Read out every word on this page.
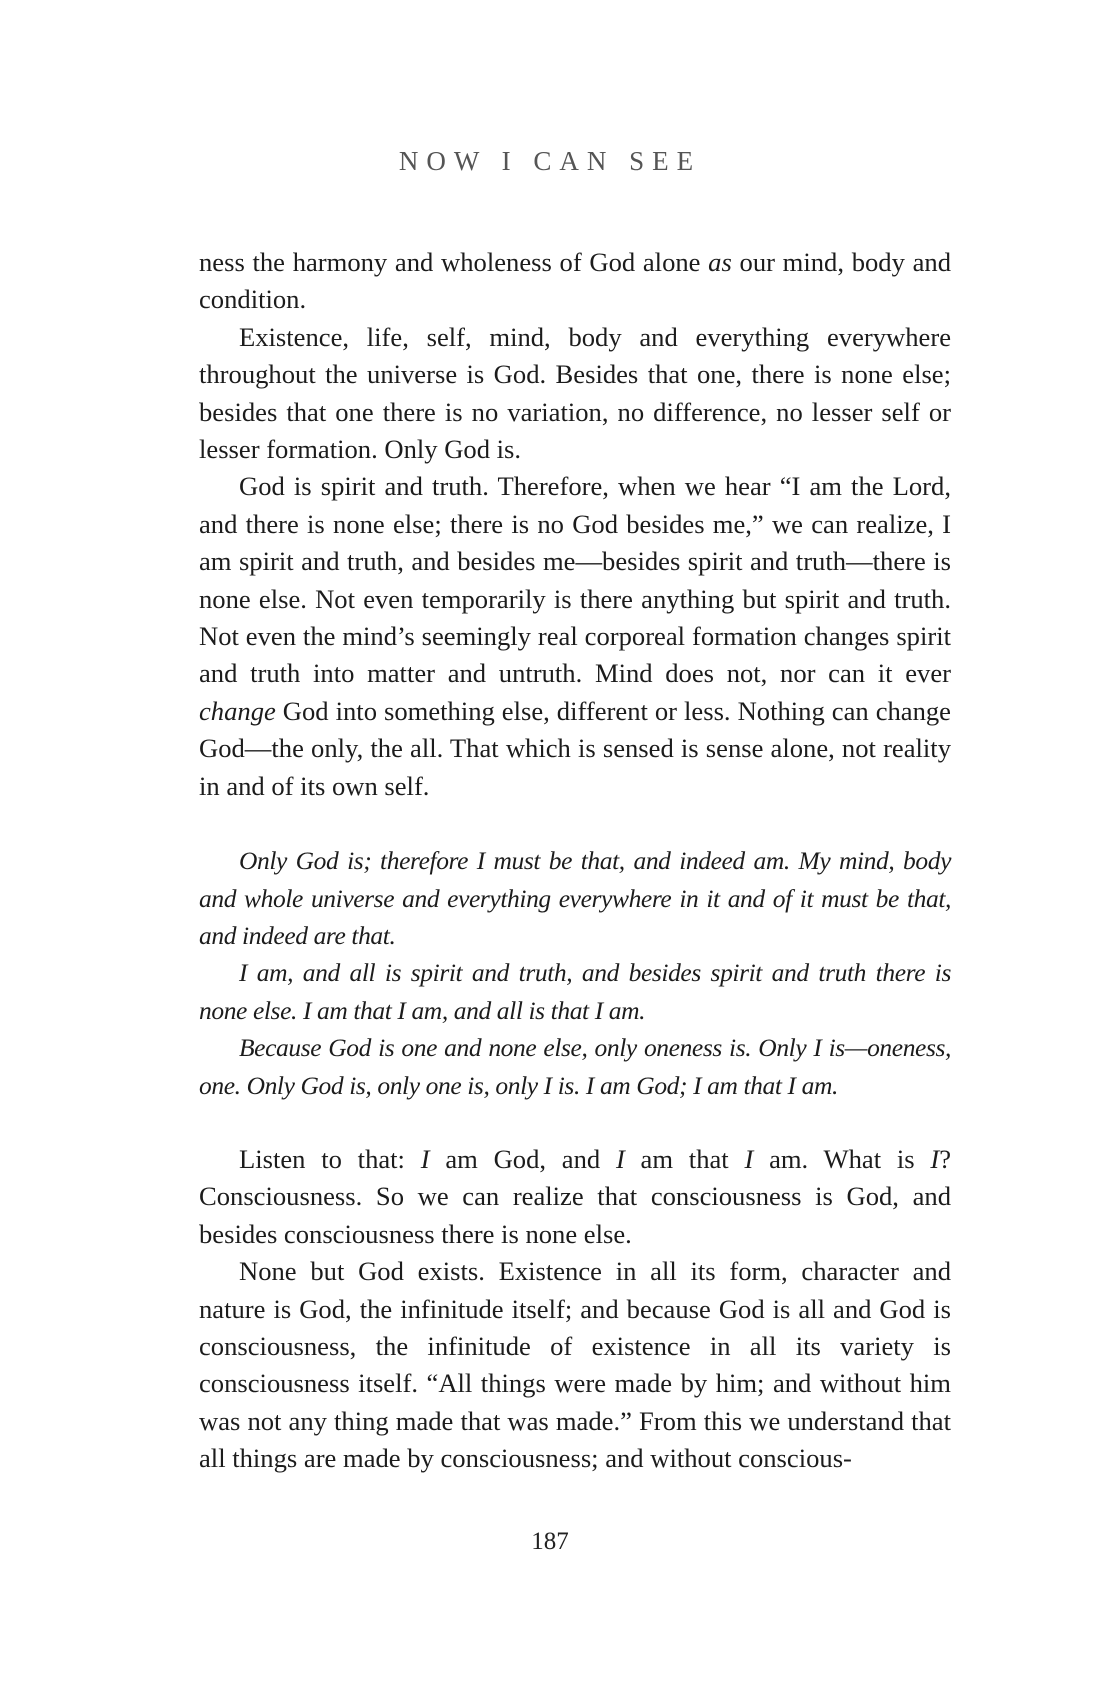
NOW I CAN SEE

ness the harmony and wholeness of God alone as our mind, body and condition.

Existence, life, self, mind, body and everything everywhere throughout the universe is God. Besides that one, there is none else; besides that one there is no variation, no difference, no lesser self or lesser formation. Only God is.

God is spirit and truth. Therefore, when we hear “I am the Lord, and there is none else; there is no God besides me,” we can realize, I am spirit and truth, and besides me—besides spirit and truth—there is none else. Not even temporarily is there anything but spirit and truth. Not even the mind’s seemingly real corporeal formation changes spirit and truth into matter and untruth. Mind does not, nor can it ever change God into something else, different or less. Nothing can change God—the only, the all. That which is sensed is sense alone, not reality in and of its own self.

Only God is; therefore I must be that, and indeed am. My mind, body and whole universe and everything everywhere in it and of it must be that, and indeed are that.

I am, and all is spirit and truth, and besides spirit and truth there is none else. I am that I am, and all is that I am.

Because God is one and none else, only oneness is. Only I is—oneness, one. Only God is, only one is, only I is. I am God; I am that I am.

Listen to that: I am God, and I am that I am. What is I? Consciousness. So we can realize that consciousness is God, and besides consciousness there is none else.

None but God exists. Existence in all its form, character and nature is God, the infinitude itself; and because God is all and God is consciousness, the infinitude of existence in all its variety is consciousness itself. “All things were made by him; and without him was not any thing made that was made.” From this we understand that all things are made by consciousness; and without conscious-

187
